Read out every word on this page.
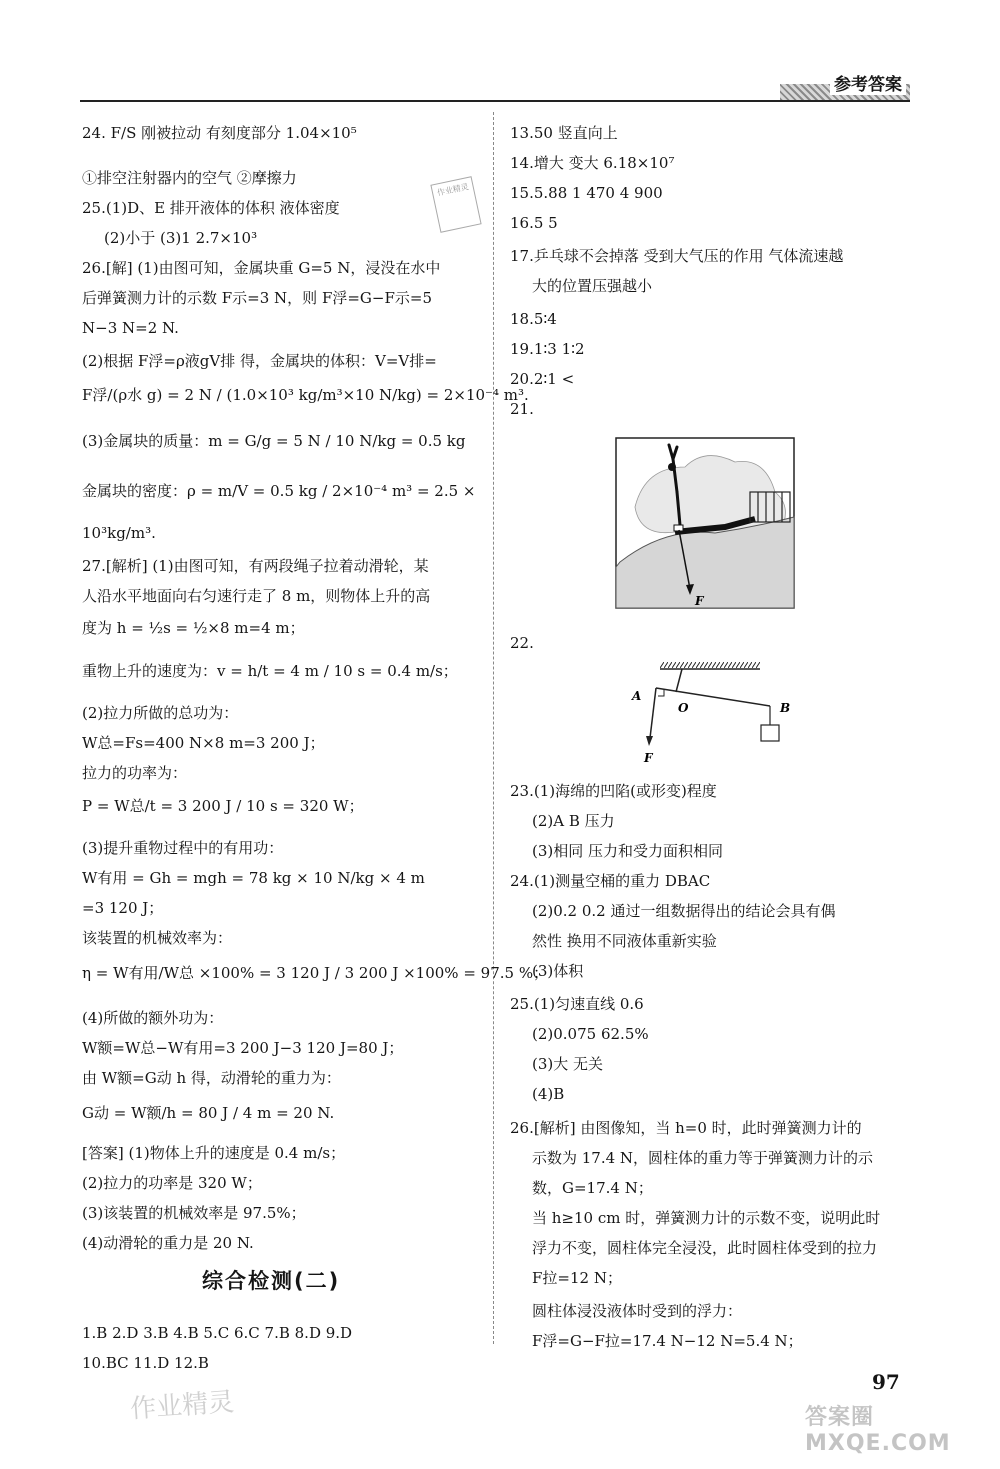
参考答案
综合检测(二)
24. F/S 刚被拉动 有刻度部分 1.04×10⁵
①排空注射器内的空气 ②摩擦力
25.(1)D、E 排开液体的体积 液体密度
(2)小于 (3)1 2.7×10³
26.[解] (1)由图可知，金属块重 G=5 N，浸没在水中
后弹簧测力计的示数 F示=3 N，则 F浮=G−F示=5
N−3 N=2 N.
(2)根据 F浮=ρ液gV排 得，金属块的体积：V=V排=
F浮/(ρ水 g) = 2 N / (1.0×10³ kg/m³×10 N/kg) = 2×10⁻⁴ m³.
(3)金属块的质量：m = G/g = 5 N / 10 N/kg = 0.5 kg
金属块的密度：ρ = m/V = 0.5 kg / 2×10⁻⁴ m³ = 2.5 ×
10³kg/m³.
27.[解析] (1)由图可知，有两段绳子拉着动滑轮，某
人沿水平地面向右匀速行走了 8 m，则物体上升的高
度为 h = ½s = ½×8 m=4 m；
重物上升的速度为：v = h/t = 4 m / 10 s = 0.4 m/s；
(2)拉力所做的总功为：
W总=Fs=400 N×8 m=3 200 J；
拉力的功率为：
P = W总/t = 3 200 J / 10 s = 320 W；
(3)提升重物过程中的有用功：
W有用 = Gh = mgh = 78 kg × 10 N/kg × 4 m
=3 120 J；
该装置的机械效率为：
η = W有用/W总 ×100% = 3 120 J / 3 200 J ×100% = 97.5 %；
(4)所做的额外功为：
W额=W总−W有用=3 200 J−3 120 J=80 J；
由 W额=G动 h 得，动滑轮的重力为：
G动 = W额/h = 80 J / 4 m = 20 N.
[答案] (1)物体上升的速度是 0.4 m/s；
(2)拉力的功率是 320 W；
(3)该装置的机械效率是 97.5%；
(4)动滑轮的重力是 20 N.
1.B 2.D 3.B 4.B 5.C 6.C 7.B 8.D 9.D
10.BC 11.D 12.B
F
A
O	B
F
13.50 竖直向上
14.增大 变大 6.18×10⁷
15.5.88 1 470 4 900
16.5 5
17.乒乓球不会掉落 受到大气压的作用 气体流速越
大的位置压强越小
18.5∶4
19.1∶3 1∶2
20.2∶1 <
21.
22.
23.(1)海绵的凹陷(或形变)程度
(2)A B 压力
(3)相同 压力和受力面积相同
24.(1)测量空桶的重力 DBAC
(2)0.2 0.2 通过一组数据得出的结论会具有偶
然性 换用不同液体重新实验
(3)体积
25.(1)匀速直线 0.6
(2)0.075 62.5%
(3)大 无关
(4)B
26.[解析] 由图像知，当 h=0 时，此时弹簧测力计的
示数为 17.4 N，圆柱体的重力等于弹簧测力计的示
数，G=17.4 N；
当 h≥10 cm 时，弹簧测力计的示数不变，说明此时
浮力不变，圆柱体完全浸没，此时圆柱体受到的拉力
F拉=12 N；
圆柱体浸没液体时受到的浮力：
F浮=G−F拉=17.4 N−12 N=5.4 N；
作业精灵
97
作业精灵	答案圈 MXQE.COM
